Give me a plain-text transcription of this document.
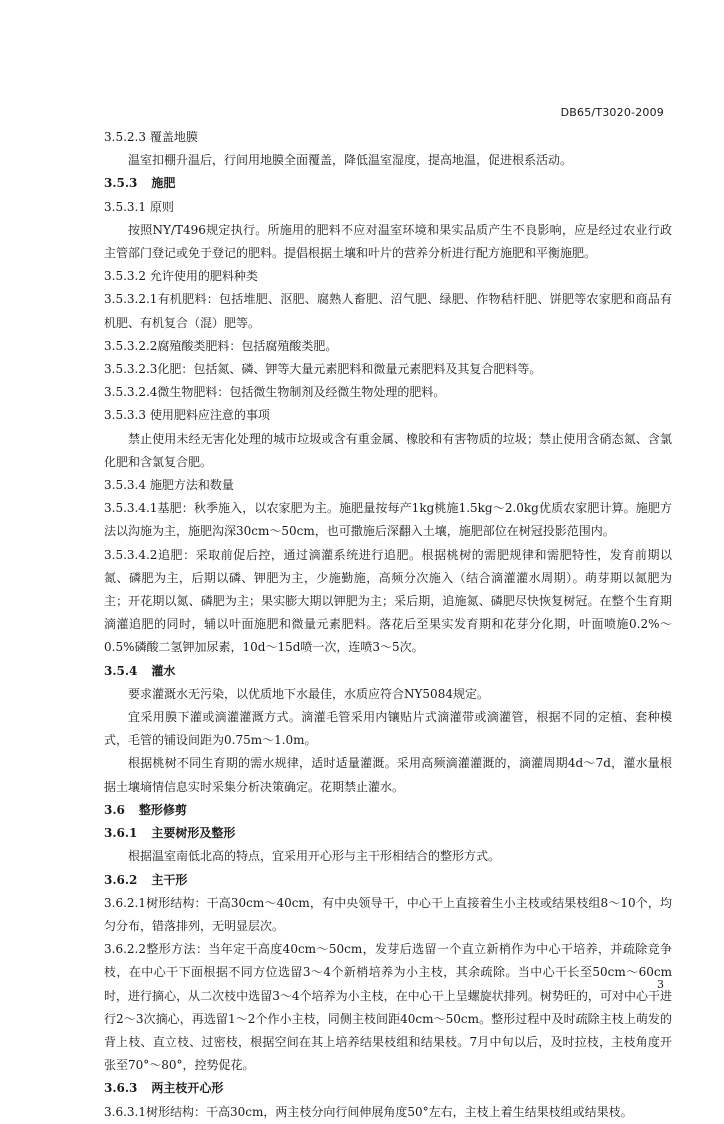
DB65/T3020-2009
3.5.2.3 覆盖地膜
温室扣棚升温后，行间用地膜全面覆盖，降低温室湿度，提高地温，促进根系活动。
3.5.3 施肥
3.5.3.1 原则
按照NY/T496规定执行。所施用的肥料不应对温室环境和果实品质产生不良影响，应是经过农业行政主管部门登记或免于登记的肥料。提倡根据土壤和叶片的营养分析进行配方施肥和平衡施肥。
3.5.3.2 允许使用的肥料种类
3.5.3.2.1有机肥料：包括堆肥、沤肥、腐熟人畜肥、沼气肥、绿肥、作物秸杆肥、饼肥等农家肥和商品有机肥、有机复合（混）肥等。
3.5.3.2.2腐殖酸类肥料：包括腐殖酸类肥。
3.5.3.2.3化肥：包括氮、磷、钾等大量元素肥料和微量元素肥料及其复合肥料等。
3.5.3.2.4微生物肥料：包括微生物制剂及经微生物处理的肥料。
3.5.3.3 使用肥料应注意的事项
禁止使用未经无害化处理的城市垃圾或含有重金属、橡胶和有害物质的垃圾；禁止使用含硝态氮、含氯化肥和含氯复合肥。
3.5.3.4 施肥方法和数量
3.5.3.4.1基肥：秋季施入，以农家肥为主。施肥量按每产1kg桃施1.5kg～2.0kg优质农家肥计算。施肥方法以沟施为主，施肥沟深30cm～50cm，也可撒施后深翻入土壤，施肥部位在树冠投影范围内。
3.5.3.4.2追肥：采取前促后控，通过滴灌系统进行追肥。根据桃树的需肥规律和需肥特性，发育前期以氮、磷肥为主，后期以磷、钾肥为主，少施勤施，高频分次施入（结合滴灌灌水周期）。萌芽期以氮肥为主；开花期以氮、磷肥为主；果实膨大期以钾肥为主；采后期，追施氮、磷肥尽快恢复树冠。在整个生育期滴灌追肥的同时，辅以叶面施肥和微量元素肥料。落花后至果实发育期和花芽分化期，叶面喷施0.2%～0.5%磷酸二氢钾加尿素，10d～15d喷一次，连喷3～5次。
3.5.4 灌水
要求灌溉水无污染，以优质地下水最佳，水质应符合NY5084规定。
宜采用膜下灌或滴灌灌溉方式。滴灌毛管采用内镶贴片式滴灌带或滴灌管，根据不同的定植、套种模式，毛管的铺设间距为0.75m～1.0m。
根据桃树不同生育期的需水规律，适时适量灌溉。采用高频滴灌灌溉的，滴灌周期4d～7d，灌水量根据土壤墒情信息实时采集分析决策确定。花期禁止灌水。
3.6 整形修剪
3.6.1 主要树形及整形
根据温室南低北高的特点，宜采用开心形与主干形相结合的整形方式。
3.6.2 主干形
3.6.2.1树形结构：干高30cm～40cm，有中央领导干，中心干上直接着生小主枝或结果枝组8～10个，均匀分布，错落排列，无明显层次。
3.6.2.2整形方法：当年定干高度40cm～50cm，发芽后选留一个直立新梢作为中心干培养，并疏除竞争枝，在中心干下面根据不同方位选留3～4个新梢培养为小主枝，其余疏除。当中心干长至50cm～60cm时，进行摘心，从二次枝中选留3～4个培养为小主枝，在中心干上呈螺旋状排列。树势旺的，可对中心干进行2～3次摘心，再选留1～2个作小主枝，同侧主枝间距40cm～50cm。整形过程中及时疏除主枝上萌发的背上枝、直立枝、过密枝，根据空间在其上培养结果枝组和结果枝。7月中旬以后，及时拉枝，主枝角度开张至70°～80°，控势促花。
3.6.3 两主枝开心形
3.6.3.1树形结构：干高30cm，两主枝分向行间伸展角度50°左右，主枝上着生结果枝组或结果枝。
3
